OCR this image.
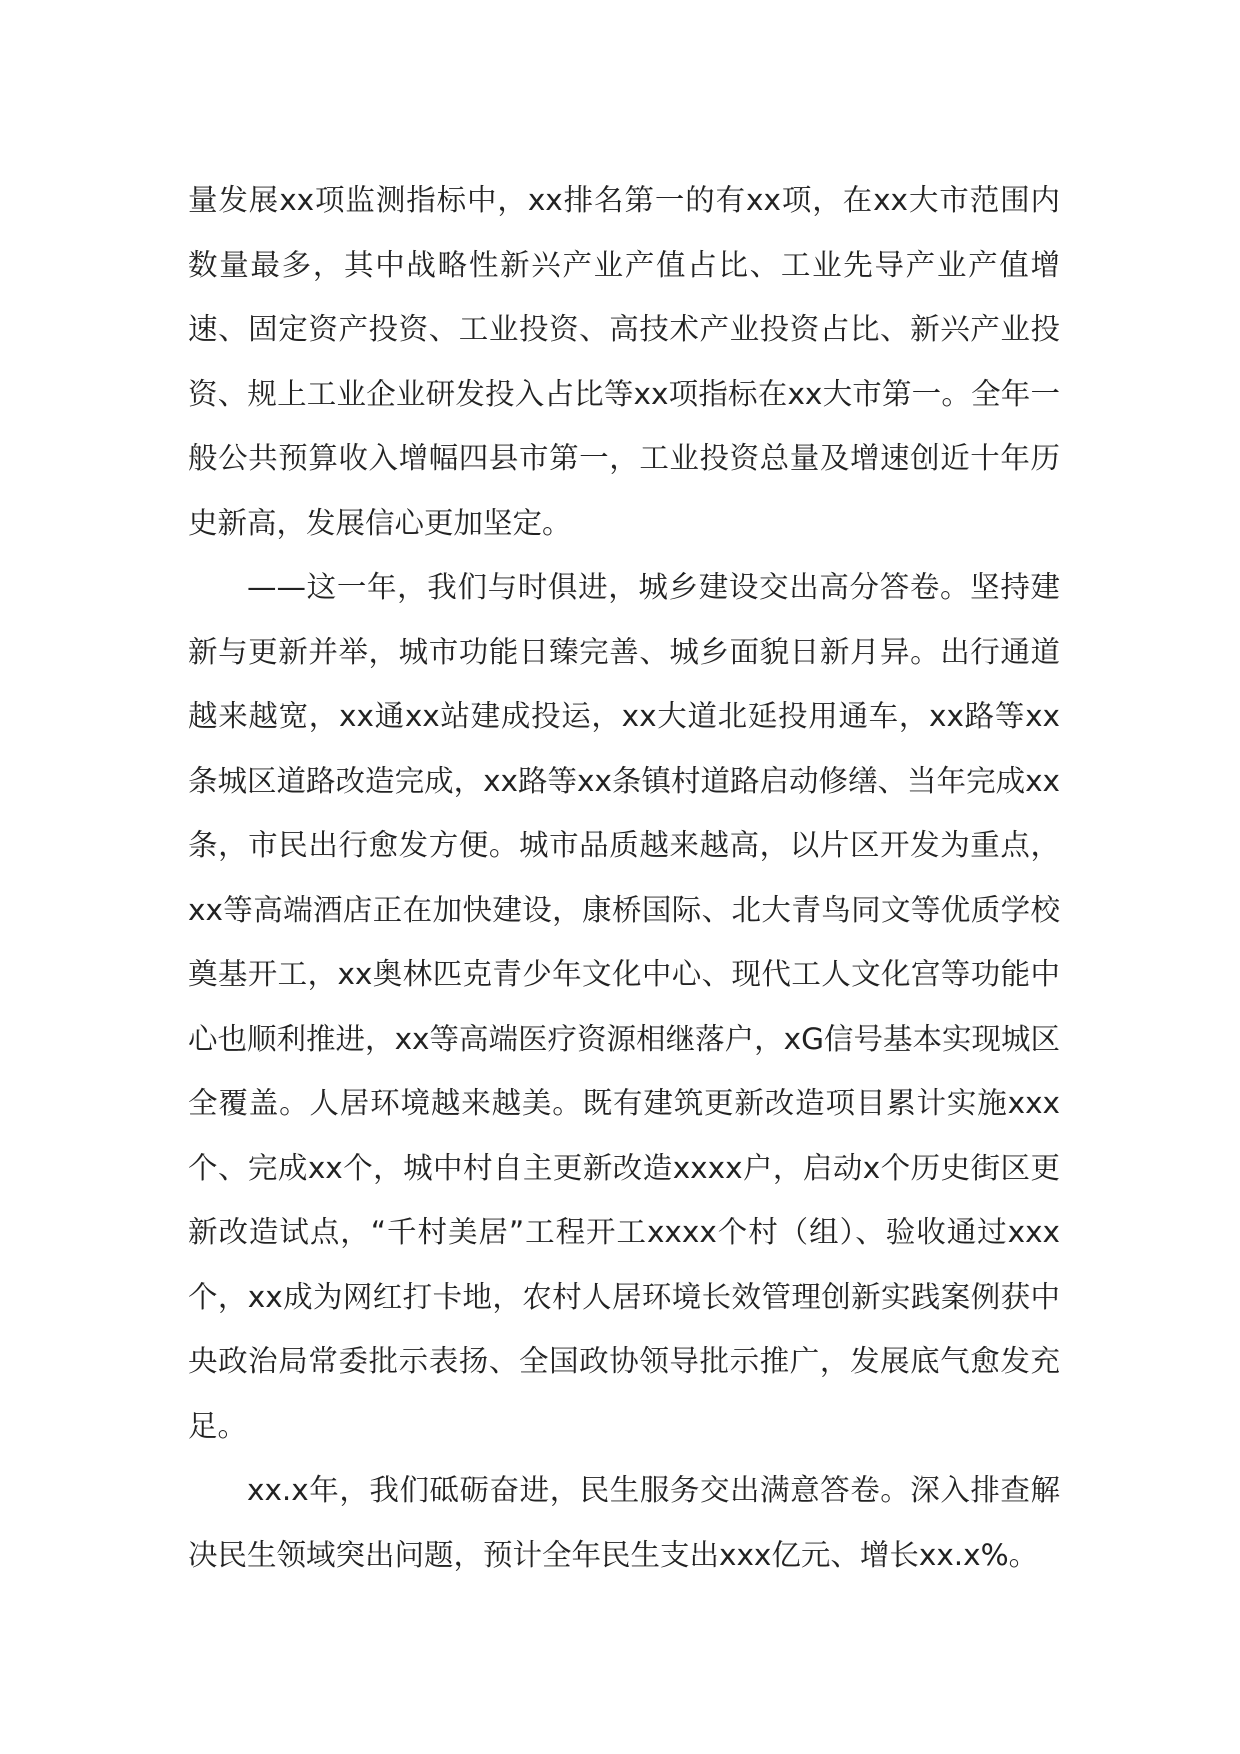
量发展xx项监测指标中，xx排名第一的有xx项，在xx大市范围内数量最多，其中战略性新兴产业产值占比、工业先导产业产值增速、固定资产投资、工业投资、高技术产业投资占比、新兴产业投资、规上工业企业研发投入占比等xx项指标在xx大市第一。全年一般公共预算收入增幅四县市第一，工业投资总量及增速创近十年历史新高，发展信心更加坚定。

——这一年，我们与时俱进，城乡建设交出高分答卷。坚持建新与更新并举，城市功能日臻完善、城乡面貌日新月异。出行通道越来越宽，xx通xx站建成投运，xx大道北延投用通车，xx路等xx条城区道路改造完成，xx路等xx条镇村道路启动修缮、当年完成xx条，市民出行愈发方便。城市品质越来越高，以片区开发为重点，xx等高端酒店正在加快建设，康桥国际、北大青鸟同文等优质学校奠基开工，xx奥林匹克青少年文化中心、现代工人文化宫等功能中心也顺利推进，xx等高端医疗资源相继落户，xG信号基本实现城区全覆盖。人居环境越来越美。既有建筑更新改造项目累计实施xxx个、完成xx个，城中村自主更新改造xxxx户，启动x个历史街区更新改造试点，“千村美居”工程开工xxxx个村（组）、验收通过xxx个，xx成为网红打卡地，农村人居环境长效管理创新实践案例获中央政治局常委批示表扬、全国政协领导批示推广，发展底气愈发充足。

xx.x年，我们砥砺奋进，民生服务交出满意答卷。深入排查解决民生领域突出问题，预计全年民生支出xxx亿元、增长xx.x%。
